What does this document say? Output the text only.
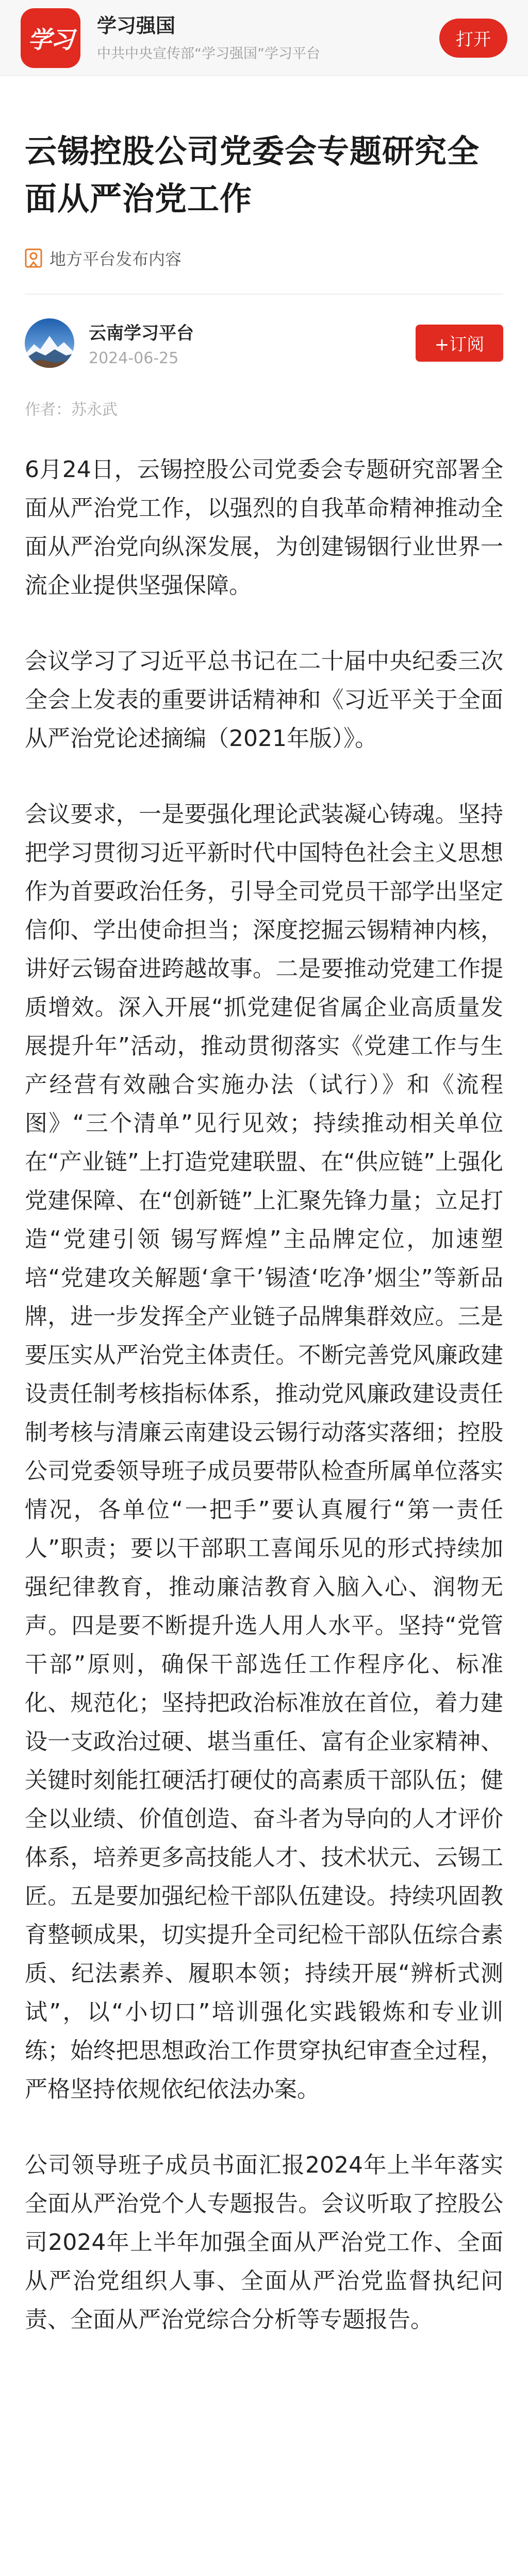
学习	学习强国
中共中央宣传部“学习强国”学习平台
打开
云锡控股公司党委会专题研究全面从严治党工作
地方平台发布内容
云南学习平台
2024-06-25
+订阅
作者：苏永武

6月24日，云锡控股公司党委会专题研究部署全面从严治党工作，以强烈的自我革命精神推动全面从严治党向纵深发展，为创建锡铟行业世界一流企业提供坚强保障。

会议学习了习近平总书记在二十届中央纪委三次全会上发表的重要讲话精神和《习近平关于全面从严治党论述摘编（2021年版）》。

会议要求，一是要强化理论武装凝心铸魂。坚持把学习贯彻习近平新时代中国特色社会主义思想作为首要政治任务，引导全司党员干部学出坚定信仰、学出使命担当；深度挖掘云锡精神内核，讲好云锡奋进跨越故事。二是要推动党建工作提质增效。深入开展“抓党建促省属企业高质量发展提升年”活动，推动贯彻落实《党建工作与生产经营有效融合实施办法（试行）》和《流程图》“三个清单”见行见效；持续推动相关单位在“产业链”上打造党建联盟、在“供应链”上强化党建保障、在“创新链”上汇聚先锋力量；立足打造“党建引领 锡写辉煌”主品牌定位，加速塑培“党建攻关解题‘拿干’锡渣‘吃净’烟尘”等新品牌，进一步发挥全产业链子品牌集群效应。三是要压实从严治党主体责任。不断完善党风廉政建设责任制考核指标体系，推动党风廉政建设责任制考核与清廉云南建设云锡行动落实落细；控股公司党委领导班子成员要带队检查所属单位落实情况，各单位“一把手”要认真履行“第一责任人”职责；要以干部职工喜闻乐见的形式持续加强纪律教育，推动廉洁教育入脑入心、润物无声。四是要不断提升选人用人水平。坚持“党管干部”原则，确保干部选任工作程序化、标准化、规范化；坚持把政治标准放在首位，着力建设一支政治过硬、堪当重任、富有企业家精神、关键时刻能扛硬活打硬仗的高素质干部队伍；健全以业绩、价值创造、奋斗者为导向的人才评价体系，培养更多高技能人才、技术状元、云锡工匠。五是要加强纪检干部队伍建设。持续巩固教育整顿成果，切实提升全司纪检干部队伍综合素质、纪法素养、履职本领；持续开展“辨析式测试”，以“小切口”培训强化实践锻炼和专业训练；始终把思想政治工作贯穿执纪审查全过程，严格坚持依规依纪依法办案。

公司领导班子成员书面汇报2024年上半年落实全面从严治党个人专题报告。会议听取了控股公司2024年上半年加强全面从严治党工作、全面从严治党组织人事、全面从严治党监督执纪问责、全面从严治党综合分析等专题报告。
